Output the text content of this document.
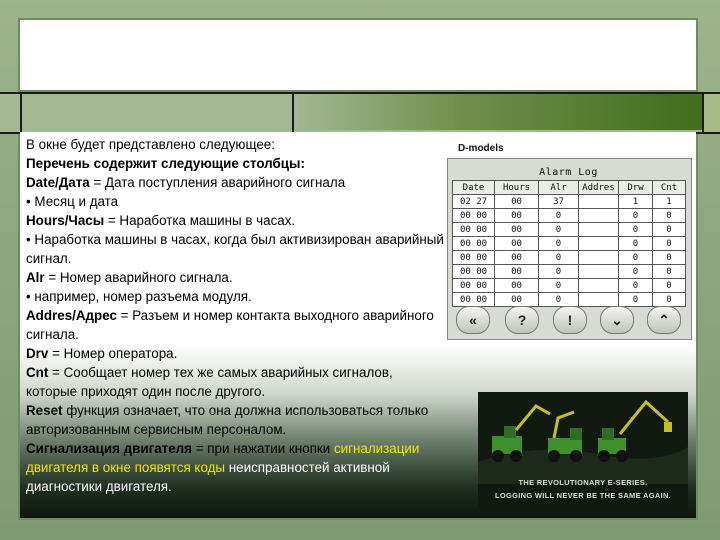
В окне будет представлено следующее:

Перечень содержит следующие столбцы:

Date/Дата = Дата поступления аварийного сигнала

• Месяц и дата

Hours/Часы = Наработка машины в часах.

• Наработка машины в часах, когда был активизирован аварийный сигнал.

Alr = Номер аварийного сигнала.

• например, номер разъема модуля.

Addres/Адрес = Разъем и номер контакта выходного аварийного сигнала.

Drv = Номер оператора.

Cnt = Сообщает номер тех же самых аварийных сигналов, которые приходят один после другого.

Reset функция означает, что она должна использоваться только авторизованным сервисным персоналом.

Сигнализация двигателя = при нажатии кнопки сигнализации двигателя в окне появятся коды неисправностей активной диагностики двигателя.

D-models
Alarm Log
Date	Hours	Alr	Addres	Drw	Cnt
02 27	00	37		1	1
00 00	00	0		0	0
00 00	00	0		0	0
00 00	00	0		0	0
00 00	00	0		0	0
00 00	00	0		0	0
00 00	00	0		0	0
00 00	00	0		0	0
«	?	!	⌄	⌃
THE REVOLUTIONARY E-SERIES.
LOGGING WILL NEVER BE THE SAME AGAIN.
